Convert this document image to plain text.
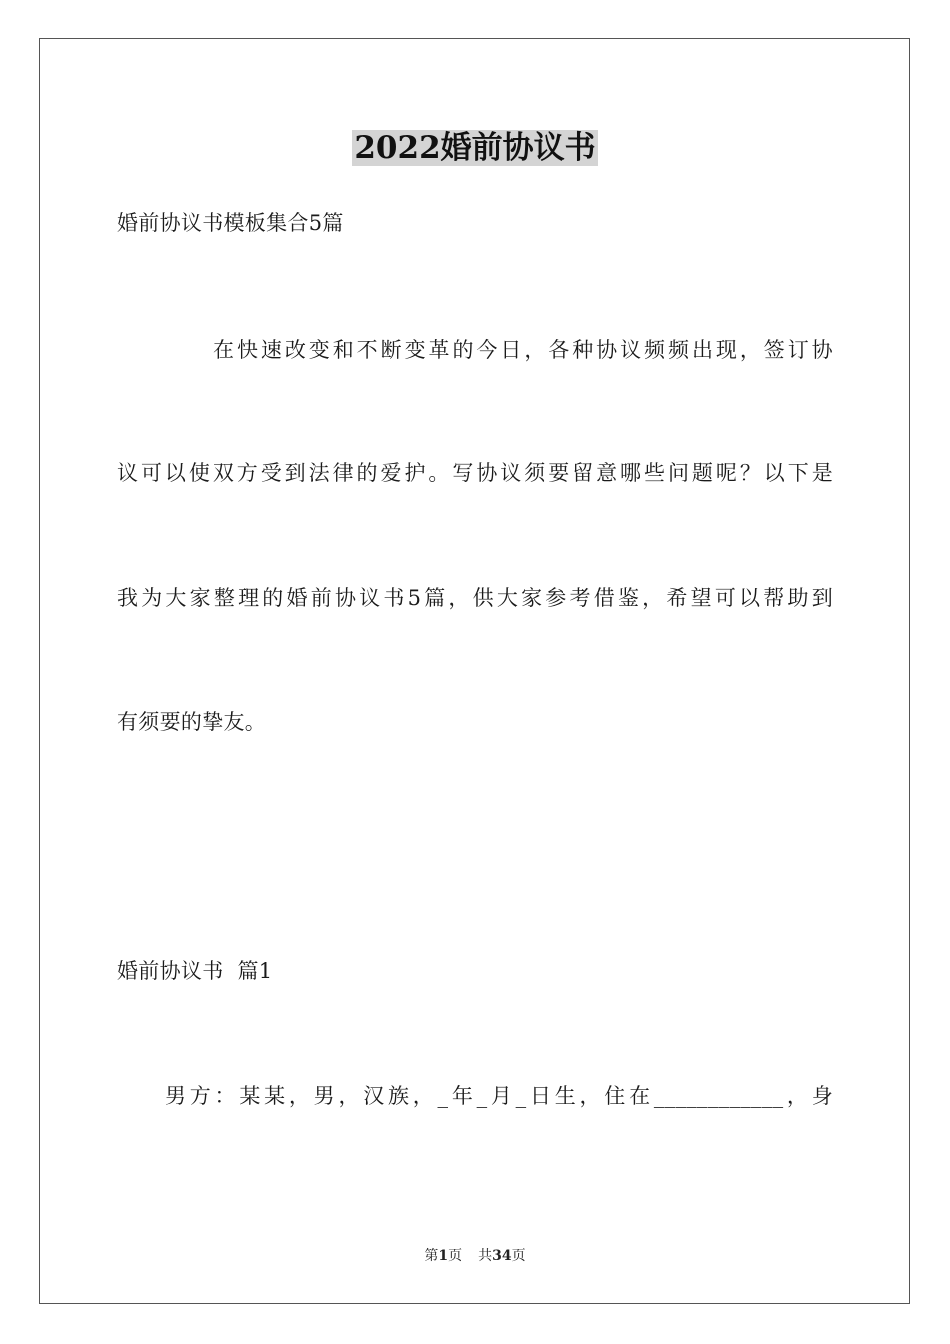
2022婚前协议书
婚前协议书模板集合5篇
在快速改变和不断变革的今日，各种协议频频出现，签订协
议可以使双方受到法律的爱护。写协议须要留意哪些问题呢？以下是
我为大家整理的婚前协议书5篇，供大家参考借鉴，希望可以帮助到
有须要的挚友。
婚前协议书  篇1
男方：某某，男，汉族，_年_月_日生，住在____________，身
第1页 共34页
